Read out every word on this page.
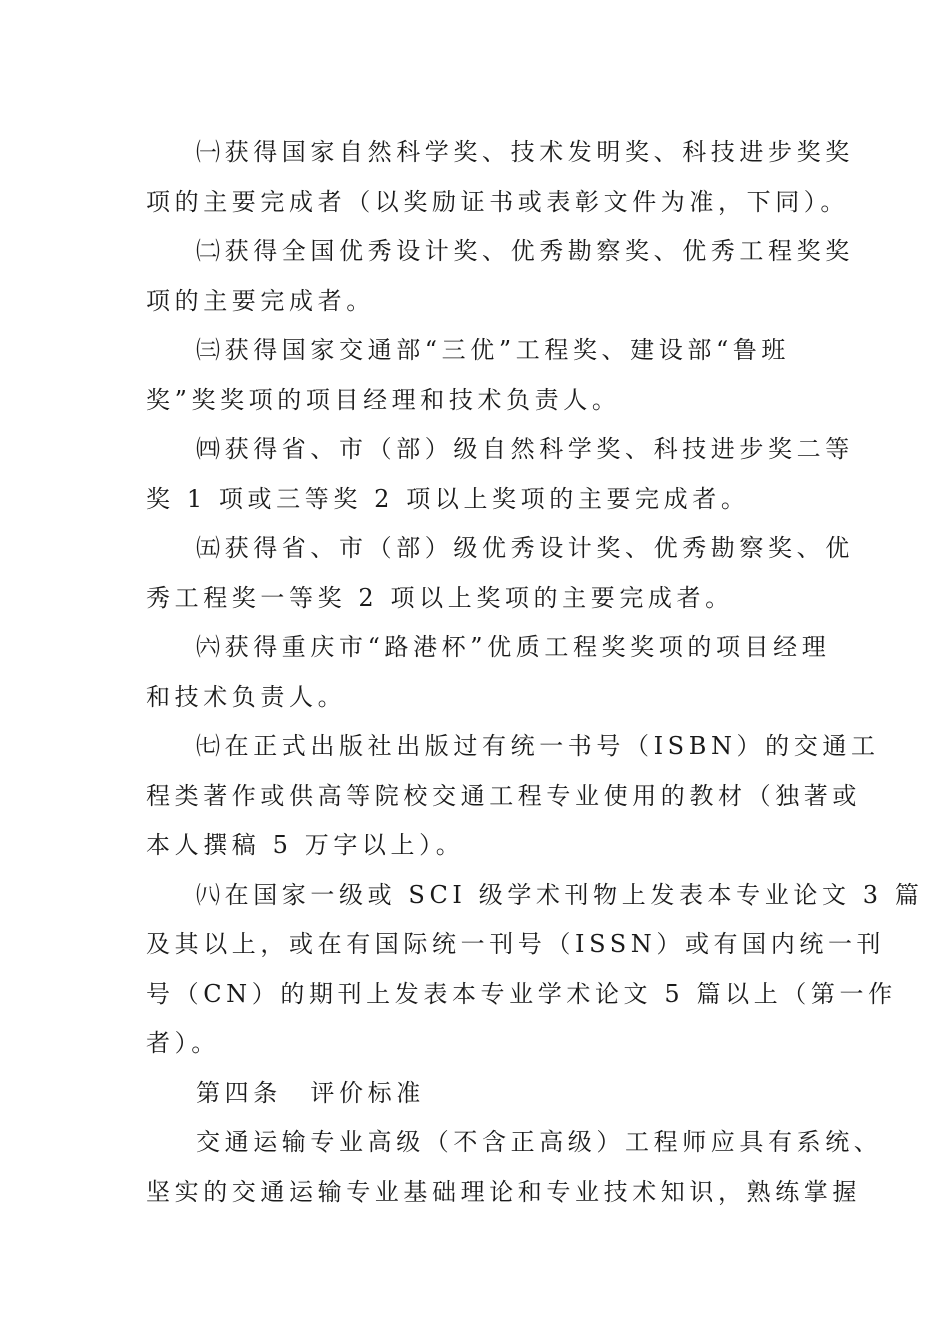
㈠获得国家自然科学奖、技术发明奖、科技进步奖奖
项的主要完成者（以奖励证书或表彰文件为准，下同）。
㈡获得全国优秀设计奖、优秀勘察奖、优秀工程奖奖
项的主要完成者。
㈢获得国家交通部“三优”工程奖、建设部“鲁班
奖”奖奖项的项目经理和技术负责人。
㈣获得省、市（部）级自然科学奖、科技进步奖二等
奖 1 项或三等奖 2 项以上奖项的主要完成者。
㈤获得省、市（部）级优秀设计奖、优秀勘察奖、优
秀工程奖一等奖 2 项以上奖项的主要完成者。
㈥获得重庆市“路港杯”优质工程奖奖项的项目经理
和技术负责人。
㈦在正式出版社出版过有统一书号（ISBN）的交通工
程类著作或供高等院校交通工程专业使用的教材（独著或
本人撰稿 5 万字以上）。
㈧在国家一级或 SCI 级学术刊物上发表本专业论文 3 篇
及其以上，或在有国际统一刊号（ISSN）或有国内统一刊
号（CN）的期刊上发表本专业学术论文 5 篇以上（第一作
者）。
第四条　评价标准
交通运输专业高级（不含正高级）工程师应具有系统、
坚实的交通运输专业基础理论和专业技术知识，熟练掌握
